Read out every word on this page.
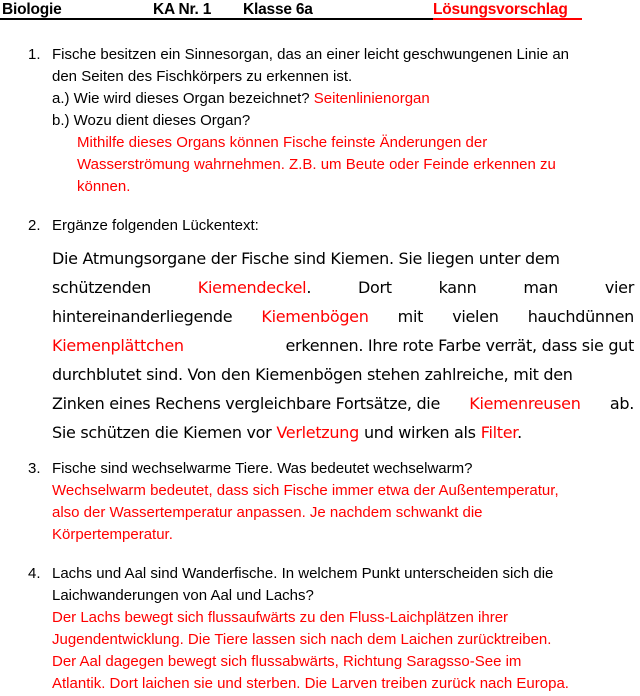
Biologie	KA Nr. 1 Klasse 6a	Lösungsvorschlag
1. Fische besitzen ein Sinnesorgan, das an einer leicht geschwungenen Linie an
den Seiten des Fischkörpers zu erkennen ist.
a.) Wie wird dieses Organ bezeichnet? Seitenlinienorgan
b.) Wozu dient dieses Organ?
Mithilfe dieses Organs können Fische feinste Änderungen der
Wasserströmung wahrnehmen. Z.B. um Beute oder Feinde erkennen zu
können.
2. Ergänze folgenden Lückentext:
Die Atmungsorgane der Fische sind Kiemen. Sie liegen unter dem
schützenden	Kiemendeckel.	Dort	kann	man	vier
hintereinanderliegende Kiemenbögen mit vielen hauchdünnen
Kiemenplättchen	erkennen. Ihre rote Farbe verrät, dass sie gut
durchblutet sind. Von den Kiemenbögen stehen zahlreiche, mit den
Zinken eines Rechens vergleichbare Fortsätze, die Kiemenreusen ab.
Sie schützen die Kiemen vor Verletzung und wirken als Filter.
3. Fische sind wechselwarme Tiere. Was bedeutet wechselwarm?
Wechselwarm bedeutet, dass sich Fische immer etwa der Außentemperatur,
also der Wassertemperatur anpassen. Je nachdem schwankt die
Körpertemperatur.
4. Lachs und Aal sind Wanderfische. In welchem Punkt unterscheiden sich die
Laichwanderungen von Aal und Lachs?
Der Lachs bewegt sich flussaufwärts zu den Fluss-Laichplätzen ihrer
Jugendentwicklung. Die Tiere lassen sich nach dem Laichen zurücktreiben.
Der Aal dagegen bewegt sich flussabwärts, Richtung Saragsso-See im
Atlantik. Dort laichen sie und sterben. Die Larven treiben zurück nach Europa.
